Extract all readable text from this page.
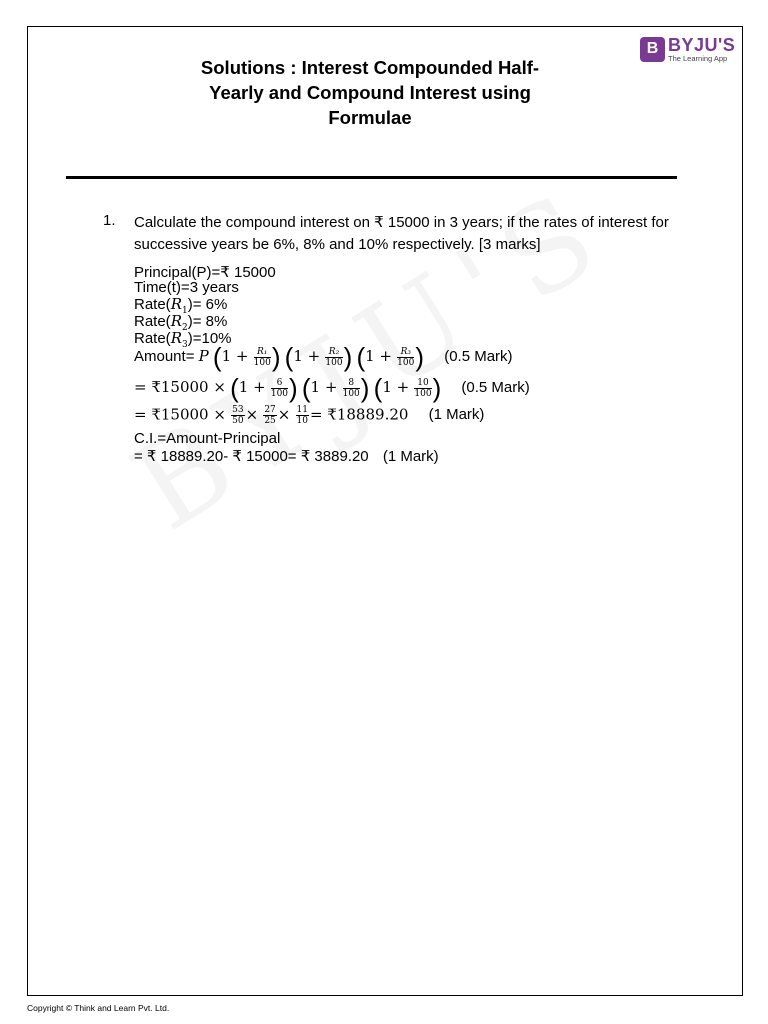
B BYJU'S
The Learning App
Solutions : Interest Compounded Half-
Yearly and Compound Interest using
Formulae
1. Calculate the compound interest on ₹ 15000 in 3 years; if the rates of interest for successive years be 6%, 8% and 10% respectively. [3 marks]
Principal(P)=₹ 15000
Time(t)=3 years
$Rate(R_1)= 6\%$
$Rate(R_2)= 8\%$
$Rate(R_3)=10\%$
Amount= P ($1 + \frac{\text{R₁}}{100}$ ) ($1 + \frac{\text{R₂}}{100}$ ) ($1 + \frac{\text{R₃}}{100}$ ) (0.5 Mark)
= ₹15000 × ($1 + \frac{6}{100}$ ) ($1 + \frac{8}{100}$ ) ($1 + \frac{10}{100}$ ) (0.5 Mark)
= ₹15000 × $\frac{53}{50} \times \frac{27}{25} \times \frac{11}{10}$ = ₹18889.20 (1 Mark)
C.I.=Amount-Principal
= ₹ 18889.20- ₹ 15000= ₹ 3889.20 (1 Mark)
Copyright © Think and Learn Pvt. Ltd.
